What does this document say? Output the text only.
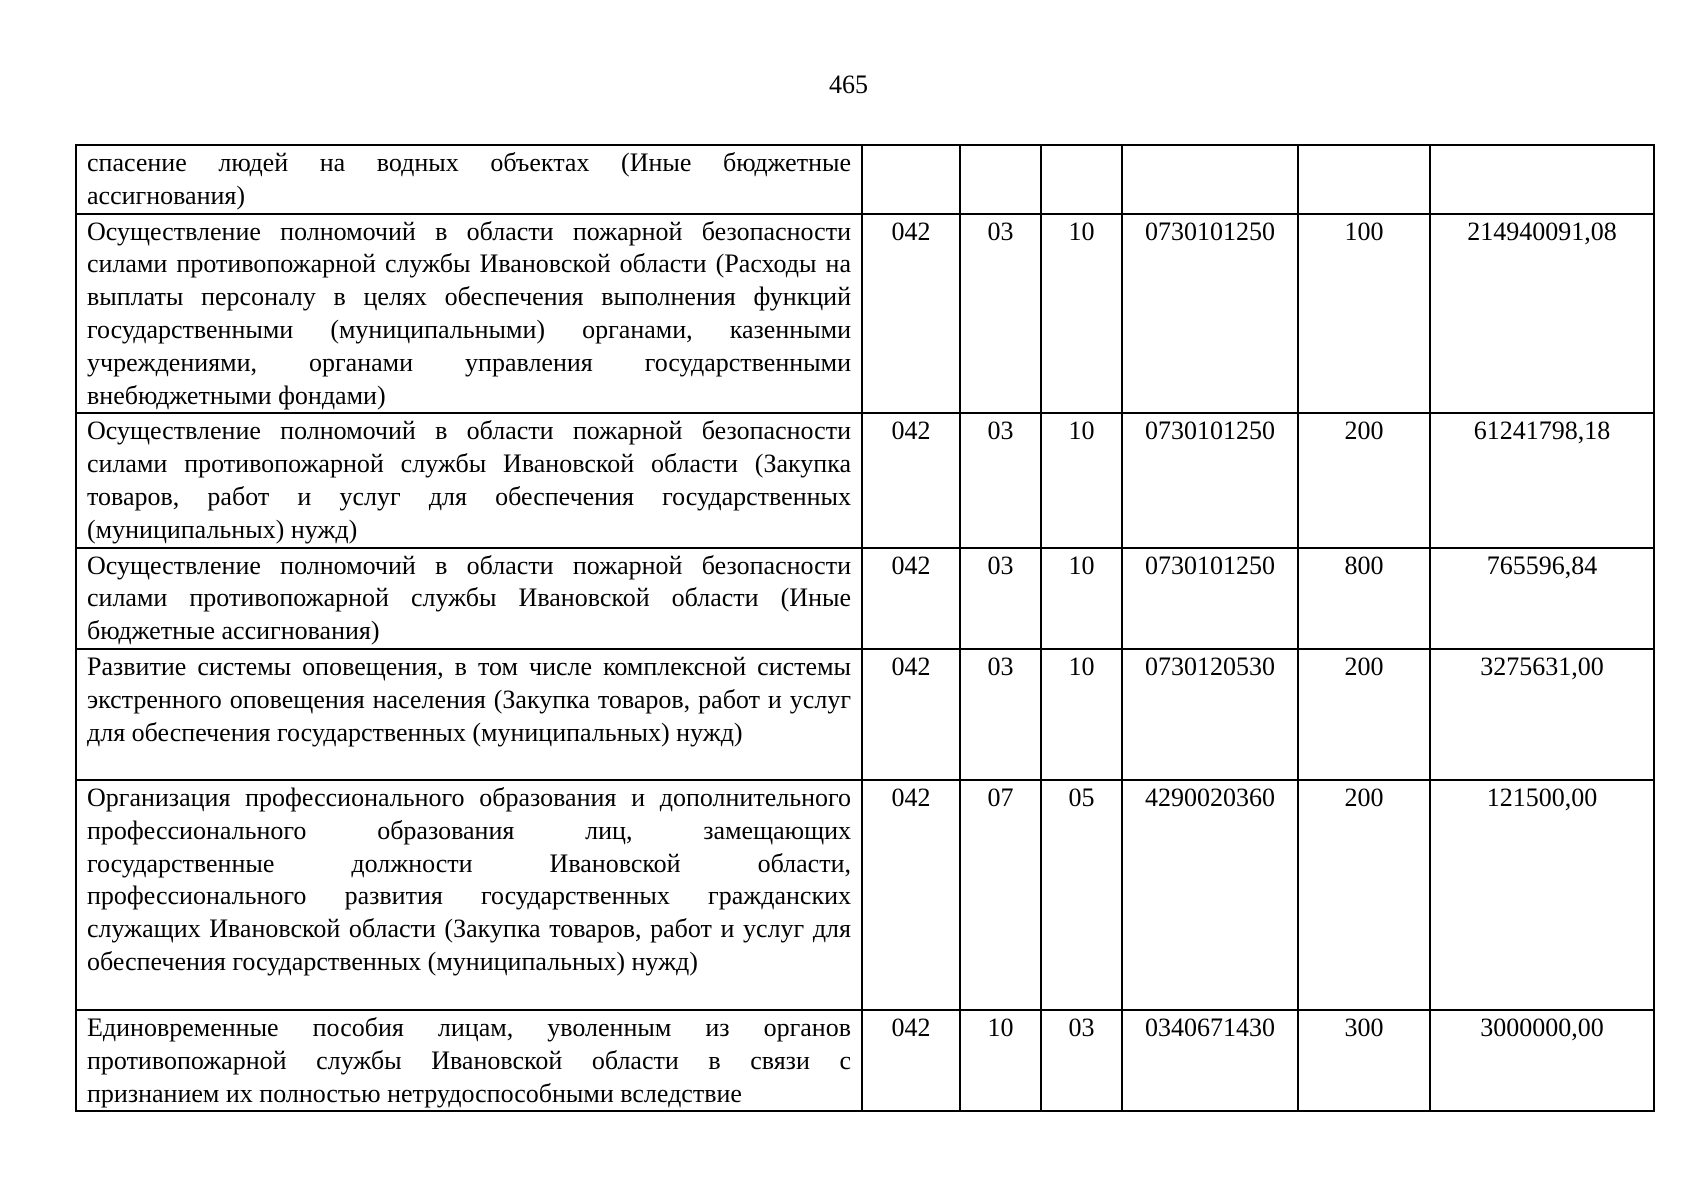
465
спасение людей на водных объектах (Иные бюджетные ассигнования)						
Осуществление полномочий в области пожарной безопасности силами противопожарной службы Ивановской области (Расходы на выплаты персоналу в целях обеспечения выполнения функций государственными (муниципальными) органами, казенными учреждениями, органами управления государственными внебюджетными фондами)	042	03	10	0730101250	100	214940091,08
Осуществление полномочий в области пожарной безопасности силами противопожарной службы Ивановской области (Закупка товаров, работ и услуг для обеспечения государственных (муниципальных) нужд)	042	03	10	0730101250	200	61241798,18
Осуществление полномочий в области пожарной безопасности силами противопожарной службы Ивановской области (Иные бюджетные ассигнования)	042	03	10	0730101250	800	765596,84
Развитие системы оповещения, в том числе комплексной системы экстренного оповещения населения (Закупка товаров, работ и услуг для обеспечения государственных (муниципальных) нужд)	042	03	10	0730120530	200	3275631,00
Организация профессионального образования и дополнительного профессионального образования лиц, замещающих государственные должности Ивановской области, профессионального развития государственных гражданских служащих Ивановской области (Закупка товаров, работ и услуг для обеспечения государственных (муниципальных) нужд)	042	07	05	4290020360	200	121500,00
Единовременные пособия лицам, уволенным из органов противопожарной службы Ивановской области в связи с признанием их полностью нетрудоспособными вследствие	042	10	03	0340671430	300	3000000,00
